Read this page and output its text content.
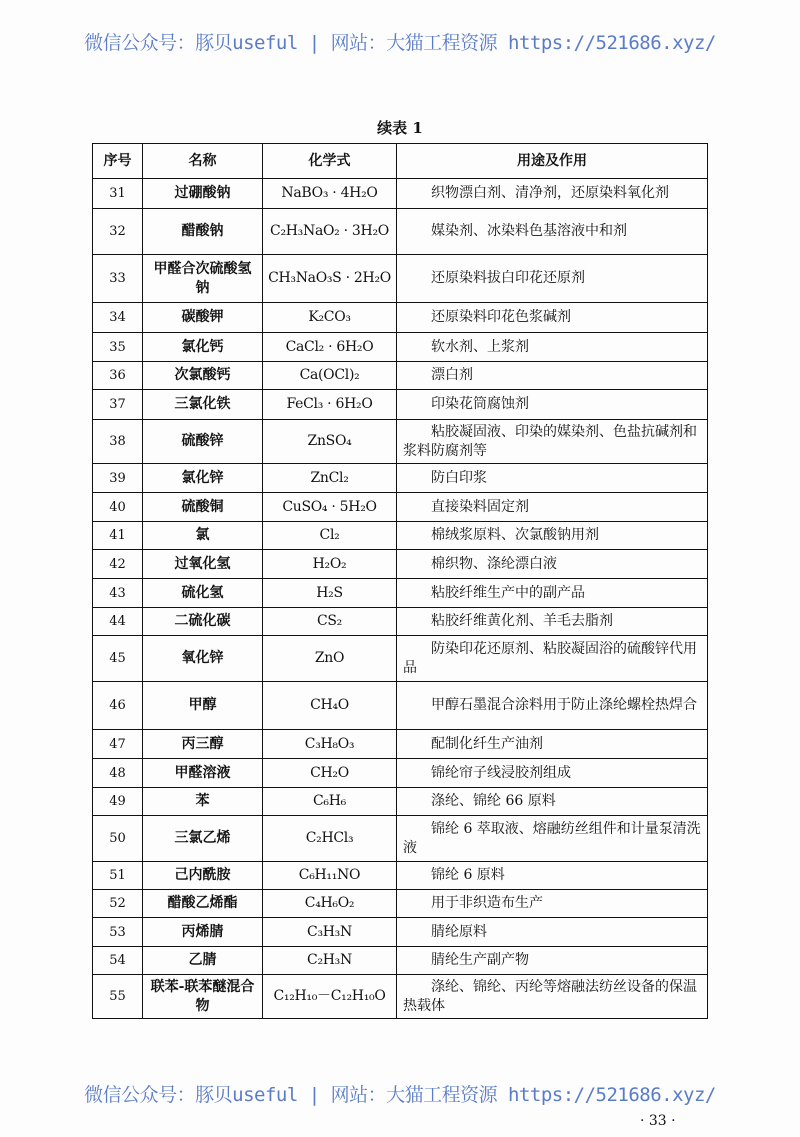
微信公众号：豚贝useful | 网站：大猫工程资源 https://521686.xyz/
续表 1
序号	名称	化学式	用途及作用
31	过硼酸钠	NaBO₃ · 4H₂O	织物漂白剂、清净剂，还原染料氧化剂
32	醋酸钠	C₂H₃NaO₂ · 3H₂O	媒染剂、冰染料色基溶液中和剂
33	甲醛合次硫酸氢钠	CH₃NaO₃S · 2H₂O	还原染料拔白印花还原剂
34	碳酸钾	K₂CO₃	还原染料印花色浆碱剂
35	氯化钙	CaCl₂ · 6H₂O	软水剂、上浆剂
36	次氯酸钙	Ca(OCl)₂	漂白剂
37	三氯化铁	FeCl₃ · 6H₂O	印染花筒腐蚀剂
38	硫酸锌	ZnSO₄	粘胶凝固液、印染的媒染剂、色盐抗碱剂和浆料防腐剂等
39	氯化锌	ZnCl₂	防白印浆
40	硫酸铜	CuSO₄ · 5H₂O	直接染料固定剂
41	氯	Cl₂	棉绒浆原料、次氯酸钠用剂
42	过氧化氢	H₂O₂	棉织物、涤纶漂白液
43	硫化氢	H₂S	粘胶纤维生产中的副产品
44	二硫化碳	CS₂	粘胶纤维黄化剂、羊毛去脂剂
45	氧化锌	ZnO	防染印花还原剂、粘胶凝固浴的硫酸锌代用品
46	甲醇	CH₄O	甲醇石墨混合涂料用于防止涤纶螺栓热焊合
47	丙三醇	C₃H₈O₃	配制化纤生产油剂
48	甲醛溶液	CH₂O	锦纶帘子线浸胶剂组成
49	苯	C₆H₆	涤纶、锦纶 66 原料
50	三氯乙烯	C₂HCl₃	锦纶 6 萃取液、熔融纺丝组件和计量泵清洗液
51	己内酰胺	C₆H₁₁NO	锦纶 6 原料
52	醋酸乙烯酯	C₄H₆O₂	用于非织造布生产
53	丙烯腈	C₃H₃N	腈纶原料
54	乙腈	C₂H₃N	腈纶生产副产物
55	联苯-联苯醚混合物	C₁₂H₁₀－C₁₂H₁₀O	涤纶、锦纶、丙纶等熔融法纺丝设备的保温热载体
微信公众号：豚贝useful | 网站：大猫工程资源 https://521686.xyz/
· 33 ·
